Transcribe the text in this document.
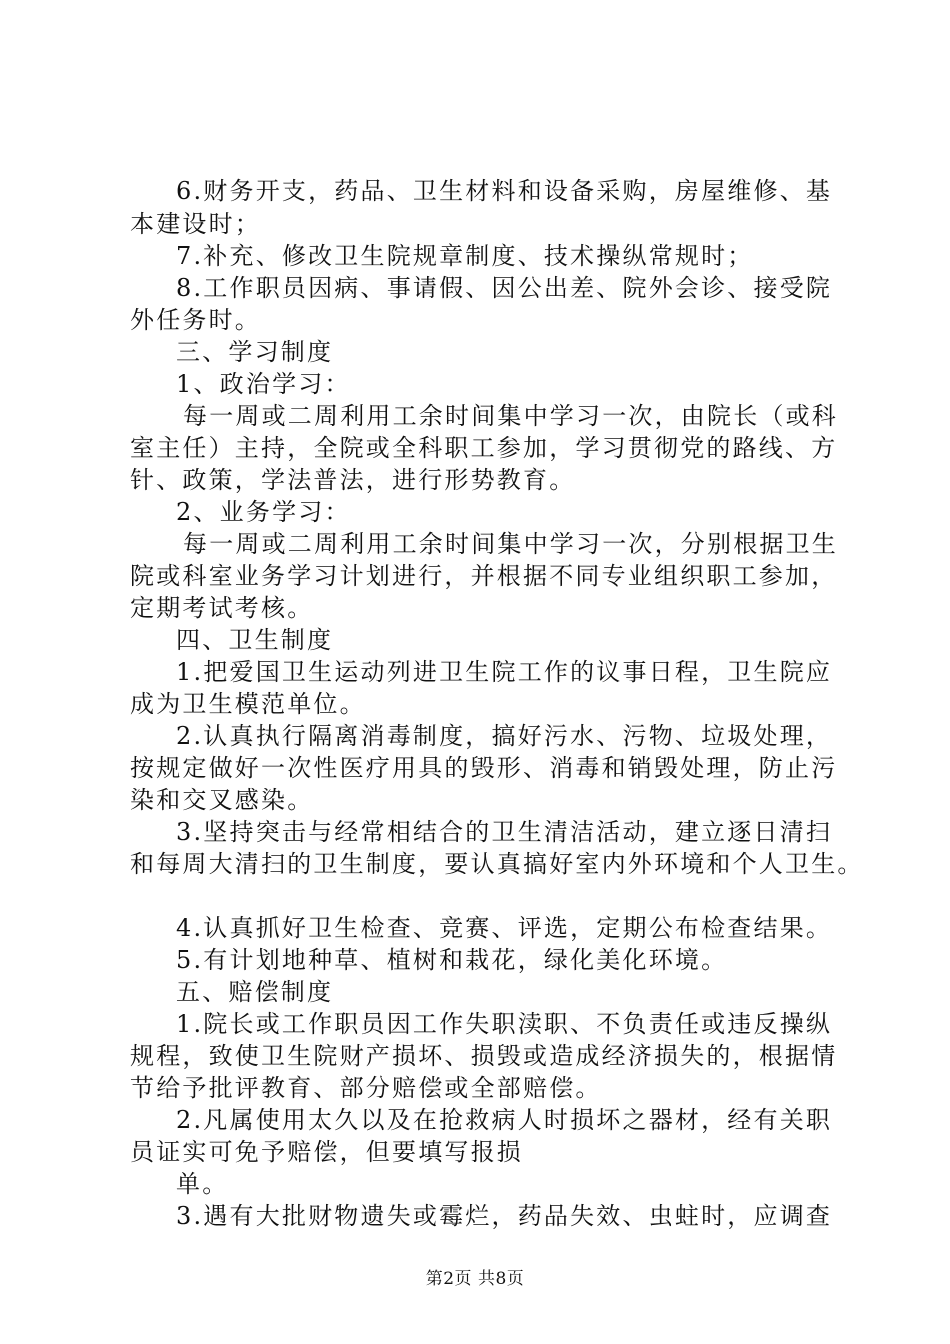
6.财务开支，药品、卫生材料和设备采购，房屋维修、基
本建设时；
7.补充、修改卫生院规章制度、技术操纵常规时；
8.工作职员因病、事请假、因公出差、院外会诊、接受院
外任务时。
三、学习制度
1、政治学习：
每一周或二周利用工余时间集中学习一次，由院长（或科
室主任）主持，全院或全科职工参加，学习贯彻党的路线、方
针、政策，学法普法，进行形势教育。
2、业务学习：
每一周或二周利用工余时间集中学习一次，分别根据卫生
院或科室业务学习计划进行，并根据不同专业组织职工参加，
定期考试考核。
四、卫生制度
1.把爱国卫生运动列进卫生院工作的议事日程，卫生院应
成为卫生模范单位。
2.认真执行隔离消毒制度，搞好污水、污物、垃圾处理，
按规定做好一次性医疗用具的毁形、消毒和销毁处理，防止污
染和交叉感染。
3.坚持突击与经常相结合的卫生清洁活动，建立逐日清扫
和每周大清扫的卫生制度，要认真搞好室内外环境和个人卫生。
4.认真抓好卫生检查、竞赛、评选，定期公布检查结果。
5.有计划地种草、植树和栽花，绿化美化环境。
五、赔偿制度
1.院长或工作职员因工作失职渎职、不负责任或违反操纵
规程，致使卫生院财产损坏、损毁或造成经济损失的，根据情
节给予批评教育、部分赔偿或全部赔偿。
2.凡属使用太久以及在抢救病人时损坏之器材，经有关职
员证实可免予赔偿，但要填写报损
单。
3.遇有大批财物遗失或霉烂，药品失效、虫蛀时，应调查
第2页 共8页
